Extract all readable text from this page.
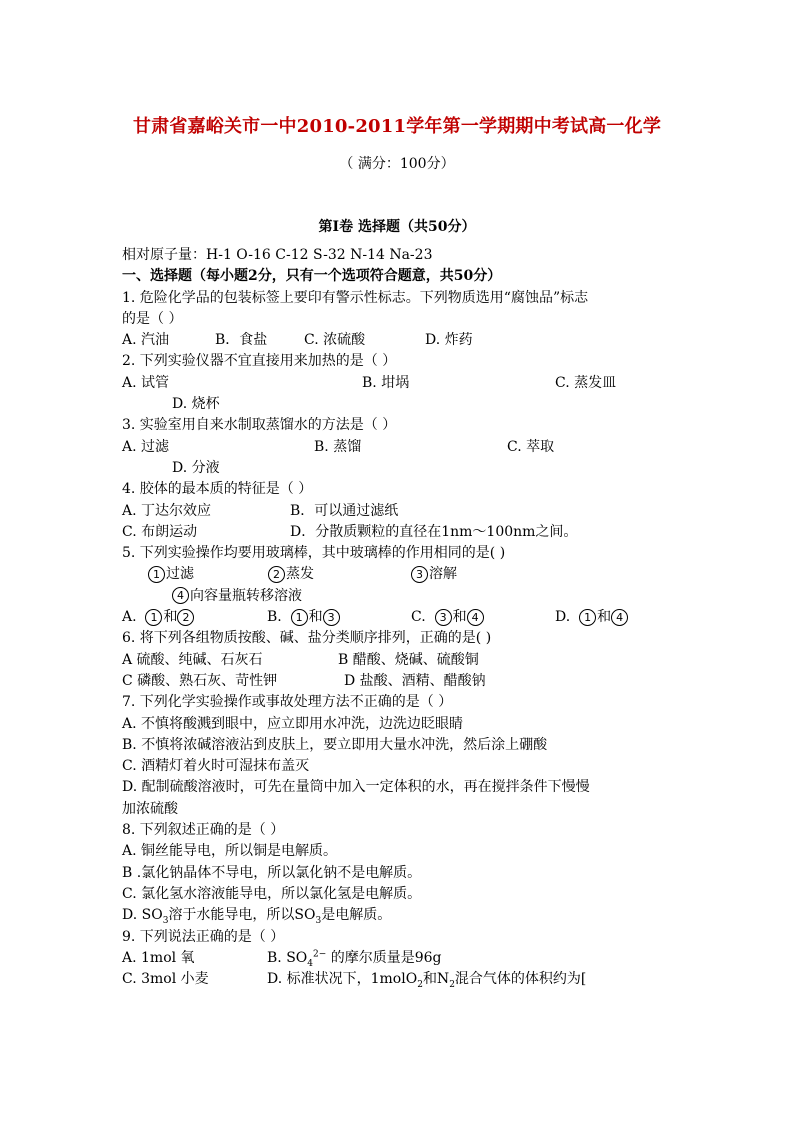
甘肃省嘉峪关市一中2010-2011学年第一学期期中考试高一化学
（ 满分：100分）
第Ⅰ卷 选择题（共50分）
相对原子量：H-1 O-16 C-12 S-32 N-14 Na-23
一、选择题（每小题2分，只有一个选项符合题意，共50分）
1. 危险化学品的包装标签上要印有警示性标志。下列物质选用“腐蚀品”标志
的是（ ）
A. 汽油	B．食盐	C. 浓硫酸	D. 炸药
2. 下列实验仪器不宜直接用来加热的是（ ）
A. 试管	B. 坩埚	C. 蒸发皿
D. 烧杯
3. 实验室用自来水制取蒸馏水的方法是（ ）
A. 过滤	B. 蒸馏	C. 萃取
D. 分液
4. 胶体的最本质的特征是（ ）
A. 丁达尔效应	B．可以通过滤纸
C. 布朗运动	D．分散质颗粒的直径在1nm～100nm之间。
5. 下列实验操作均要用玻璃棒，其中玻璃棒的作用相同的是( )
1 过滤	2 蒸发	3 溶解
4 向容量瓶转移溶液
A. 1 和 2	B. 1 和 3	C. 3 和 4	D. 1 和 4
6. 将下列各组物质按酸、碱、盐分类顺序排列，正确的是( )
A 硫酸、纯碱、石灰石	B 醋酸、烧碱、硫酸铜
C 磷酸、熟石灰、苛性钾	D 盐酸、酒精、醋酸钠
7. 下列化学实验操作或事故处理方法不正确的是（ ）
A. 不慎将酸溅到眼中，应立即用水冲洗，边洗边眨眼睛
B. 不慎将浓碱溶液沾到皮肤上，要立即用大量水冲洗，然后涂上硼酸
C. 酒精灯着火时可湿抹布盖灭
D. 配制硫酸溶液时，可先在量筒中加入一定体积的水，再在搅拌条件下慢慢
加浓硫酸
8. 下列叙述正确的是（ ）
A. 铜丝能导电，所以铜是电解质。
B .氯化钠晶体不导电，所以氯化钠不是电解质。
C. 氯化氢水溶液能导电，所以氯化氢是电解质。
D. $SO_3$溶于水能导电，所以$SO_3$是电解质。
9. 下列说法正确的是（ ）
A. 1mol 氧	B. $SO_4^{2-}$ 的摩尔质量是96g
C. 3mol 小麦	D. 标准状况下，1molO$_2$和$N_2$混合气体的体积约为[
